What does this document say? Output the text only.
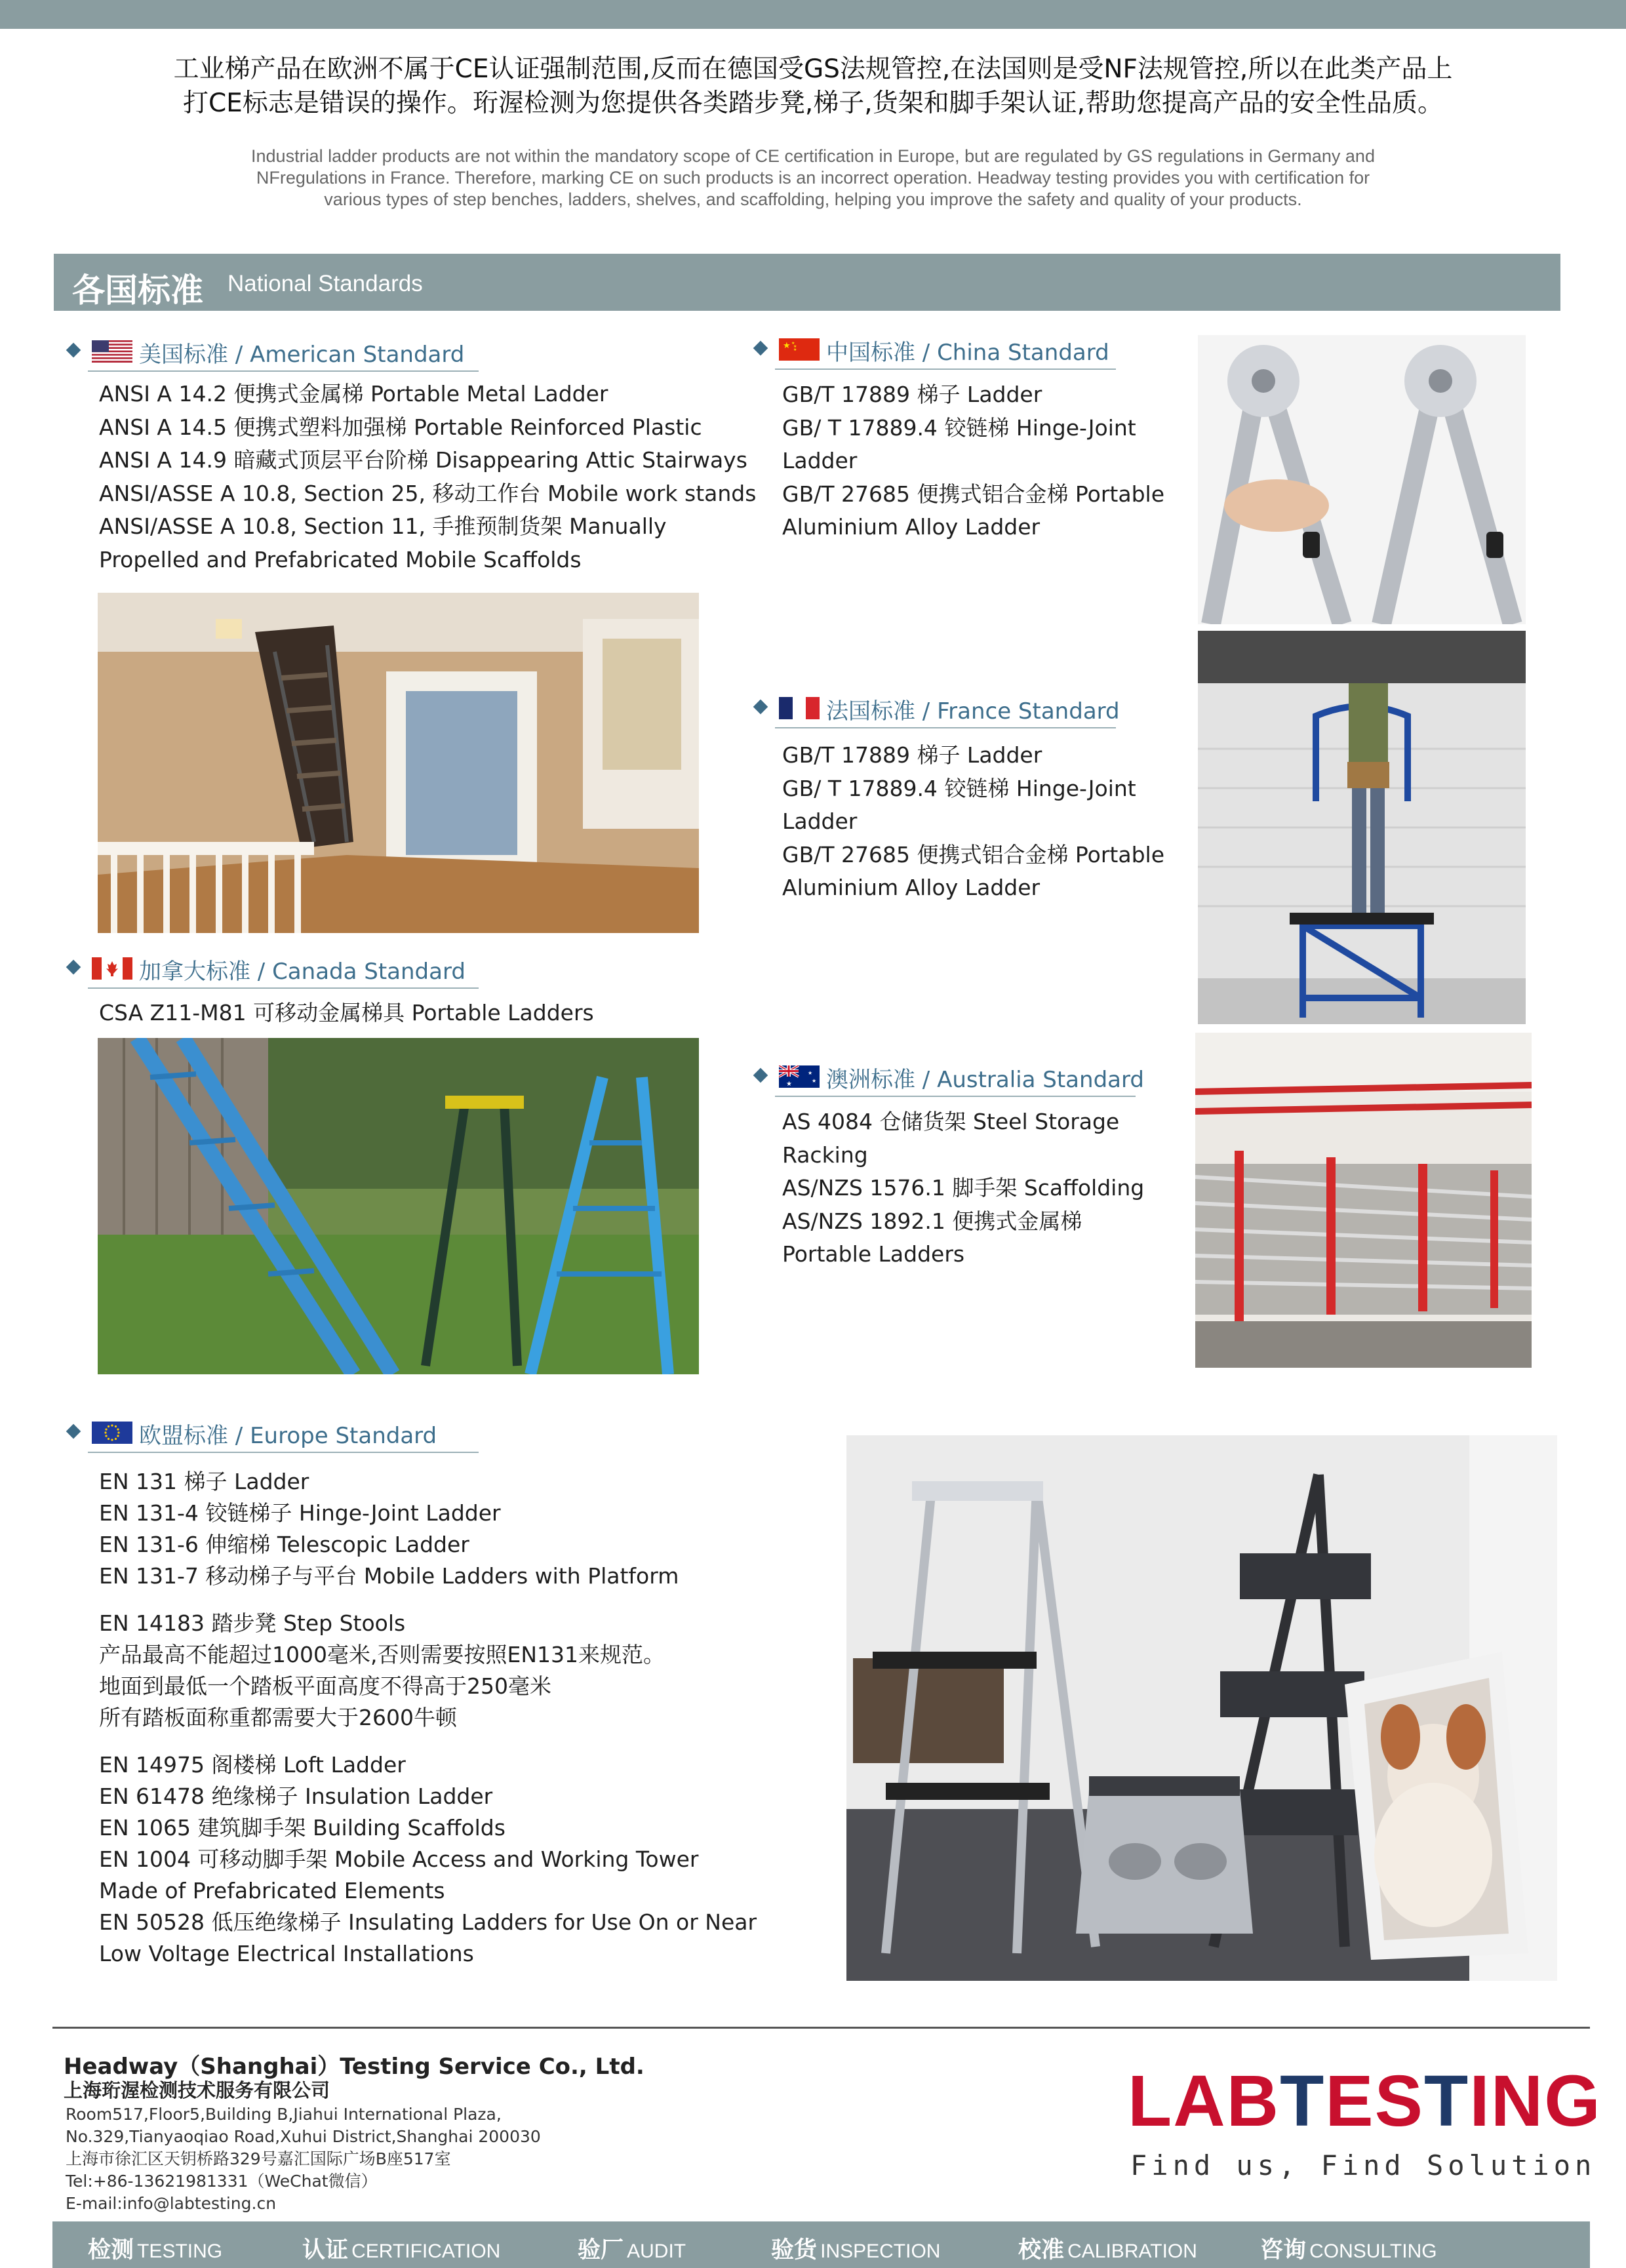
工业梯产品在欧洲不属于CE认证强制范围,反而在德国受GS法规管控,在法国则是受NF法规管控,所以在此类产品上
打CE标志是错误的操作。珩渥检测为您提供各类踏步凳,梯子,货架和脚手架认证,帮助您提高产品的安全性品质。
Industrial ladder products are not within the mandatory scope of CE certification in Europe, but are regulated by GS regulations in Germany and
NFregulations in France. Therefore, marking CE on such products is an incorrect operation. Headway testing provides you with certification for
various types of step benches, ladders, shelves, and scaffolding, helping you improve the safety and quality of your products.
各国标准 National Standards
美国标准 / American Standard
ANSI A 14.2 便携式金属梯 Portable Metal Ladder
ANSI A 14.5 便携式塑料加强梯 Portable Reinforced Plastic
ANSI A 14.9 暗藏式顶层平台阶梯 Disappearing Attic Stairways
ANSI/ASSE A 10.8, Section 25, 移动工作台 Mobile work stands
ANSI/ASSE A 10.8, Section 11, 手推预制货架 Manually
Propelled and Prefabricated Mobile Scaffolds
★ ★
★
★ 中国标准 / China Standard
GB/T 17889 梯子 Ladder
GB/ T 17889.4 铰链梯 Hinge-Joint
Ladder
GB/T 27685 便携式铝合金梯 Portable
Aluminium Alloy Ladder
法国标准 / France Standard
GB/T 17889 梯子 Ladder
GB/ T 17889.4 铰链梯 Hinge-Joint
Ladder
GB/T 27685 便携式铝合金梯 Portable
Aluminium Alloy Ladder
加拿大标准 / Canada Standard
CSA Z11-M81 可移动金属梯具 Portable Ladders
★
★
★ 澳洲标准 / Australia Standard
AS 4084 仓储货架 Steel Storage
Racking
AS/NZS 1576.1 脚手架 Scaffolding
AS/NZS 1892.1 便携式金属梯
Portable Ladders
欧盟标准 / Europe Standard
EN 131 梯子 Ladder
EN 131-4 铰链梯子 Hinge-Joint Ladder
EN 131-6 伸缩梯 Telescopic Ladder
EN 131-7 移动梯子与平台 Mobile Ladders with Platform
EN 14183 踏步凳 Step Stools
产品最高不能超过1000毫米,否则需要按照EN131来规范。
地面到最低一个踏板平面高度不得高于250毫米
所有踏板面称重都需要大于2600牛顿
EN 14975 阁楼梯 Loft Ladder
EN 61478 绝缘梯子 Insulation Ladder
EN 1065 建筑脚手架 Building Scaffolds
EN 1004 可移动脚手架 Mobile Access and Working Tower
Made of Prefabricated Elements
EN 50528 低压绝缘梯子 Insulating Ladders for Use On or Near
Low Voltage Electrical Installations
Headway（Shanghai）Testing Service Co., Ltd.
上海珩渥检测技术服务有限公司
Room517,Floor5,Building B,Jiahui International Plaza,
No.329,Tianyaoqiao Road,Xuhui District,Shanghai 200030
上海市徐汇区天钥桥路329号嘉汇国际广场B座517室
Tel:+86-13621981331（WeChat微信）
E-mail:info@labtesting.cn
LABTESTING
Find us, Find Solution
检测 TESTING	认证 CERTIFICATION	验厂 AUDIT	验货 INSPECTION	校准 CALIBRATION	咨询 CONSULTING
